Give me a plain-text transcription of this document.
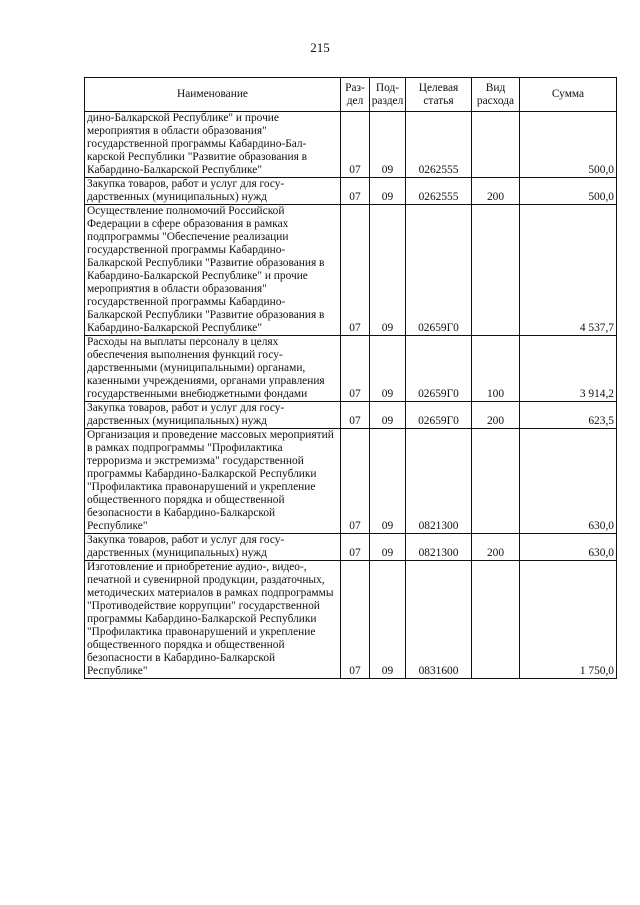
215
Наименование	Раз-дел	Под-раздел	Целевая статья	Вид расхода	Сумма

дино-Балкарской Республике" и прочие мероприятия в области образования" государственной программы Кабардино-Балкарской Республики "Развитие образования в Кабардино-Балкарской Республике"	07	09	0262555		500,0

Закупка товаров, работ и услуг для государственных (муниципальных) нужд	07	09	0262555	200	500,0

Осуществление полномочий Российской Федерации в сфере образования в рамках подпрограммы "Обеспечение реализации государственной программы Кабардино-Балкарской Республики "Развитие образования в Кабардино-Балкарской Республике" и прочие мероприятия в области образования" государственной программы Кабардино-Балкарской Республики "Развитие образования в Кабардино-Балкарской Республике"	07	09	02659Г0		4 537,7

Расходы на выплаты персоналу в целях обеспечения выполнения функций государственными (муниципальными) органами, казенными учреждениями, органами управления государственными внебюджетными фондами	07	09	02659Г0	100	3 914,2

Закупка товаров, работ и услуг для государственных (муниципальных) нужд	07	09	02659Г0	200	623,5

Организация и проведение массовых мероприятий в рамках подпрограммы "Профилактика терроризма и экстремизма" государственной программы Кабардино-Балкарской Республики "Профилактика правонарушений и укрепление общественного порядка и общественной безопасности в Кабардино-Балкарской Республике"	07	09	0821300		630,0

Закупка товаров, работ и услуг для государственных (муниципальных) нужд	07	09	0821300	200	630,0

Изготовление и приобретение аудио-, видео-, печатной и сувенирной продукции, раздаточных, методических материалов в рамках подпрограммы "Противодействие коррупции" государственной программы Кабардино-Балкарской Республики "Профилактика правонарушений и укрепление общественного порядка и общественной безопасности в Кабардино-Балкарской Республике"	07	09	0831600		1 750,0
